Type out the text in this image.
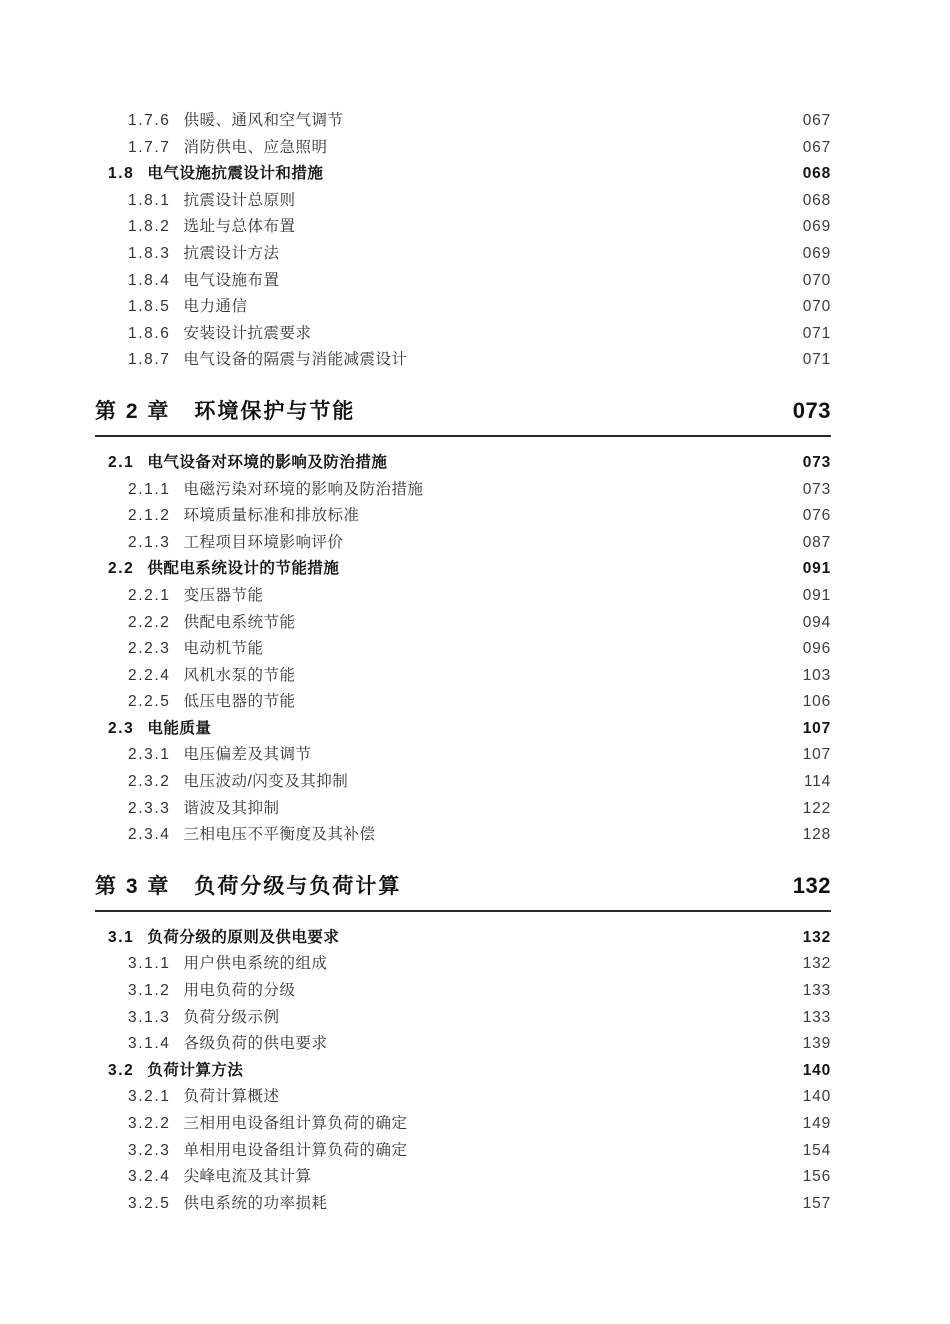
1.7.6 供暖、通风和空气调节	067
1.7.7 消防供电、应急照明	067
1.8 电气设施抗震设计和措施	068
1.8.1 抗震设计总原则	068
1.8.2 选址与总体布置	069
1.8.3 抗震设计方法	069
1.8.4 电气设施布置	070
1.8.5 电力通信	070
1.8.6 安装设计抗震要求	071
1.8.7 电气设备的隔震与消能减震设计	071
第 2 章 环境保护与节能	073
2.1 电气设备对环境的影响及防治措施	073
2.1.1 电磁污染对环境的影响及防治措施	073
2.1.2 环境质量标准和排放标准	076
2.1.3 工程项目环境影响评价	087
2.2 供配电系统设计的节能措施	091
2.2.1 变压器节能	091
2.2.2 供配电系统节能	094
2.2.3 电动机节能	096
2.2.4 风机水泵的节能	103
2.2.5 低压电器的节能	106
2.3 电能质量	107
2.3.1 电压偏差及其调节	107
2.3.2 电压波动/闪变及其抑制	114
2.3.3 谐波及其抑制	122
2.3.4 三相电压不平衡度及其补偿	128
第 3 章 负荷分级与负荷计算	132
3.1 负荷分级的原则及供电要求	132
3.1.1 用户供电系统的组成	132
3.1.2 用电负荷的分级	133
3.1.3 负荷分级示例	133
3.1.4 各级负荷的供电要求	139
3.2 负荷计算方法	140
3.2.1 负荷计算概述	140
3.2.2 三相用电设备组计算负荷的确定	149
3.2.3 单相用电设备组计算负荷的确定	154
3.2.4 尖峰电流及其计算	156
3.2.5 供电系统的功率损耗	157
